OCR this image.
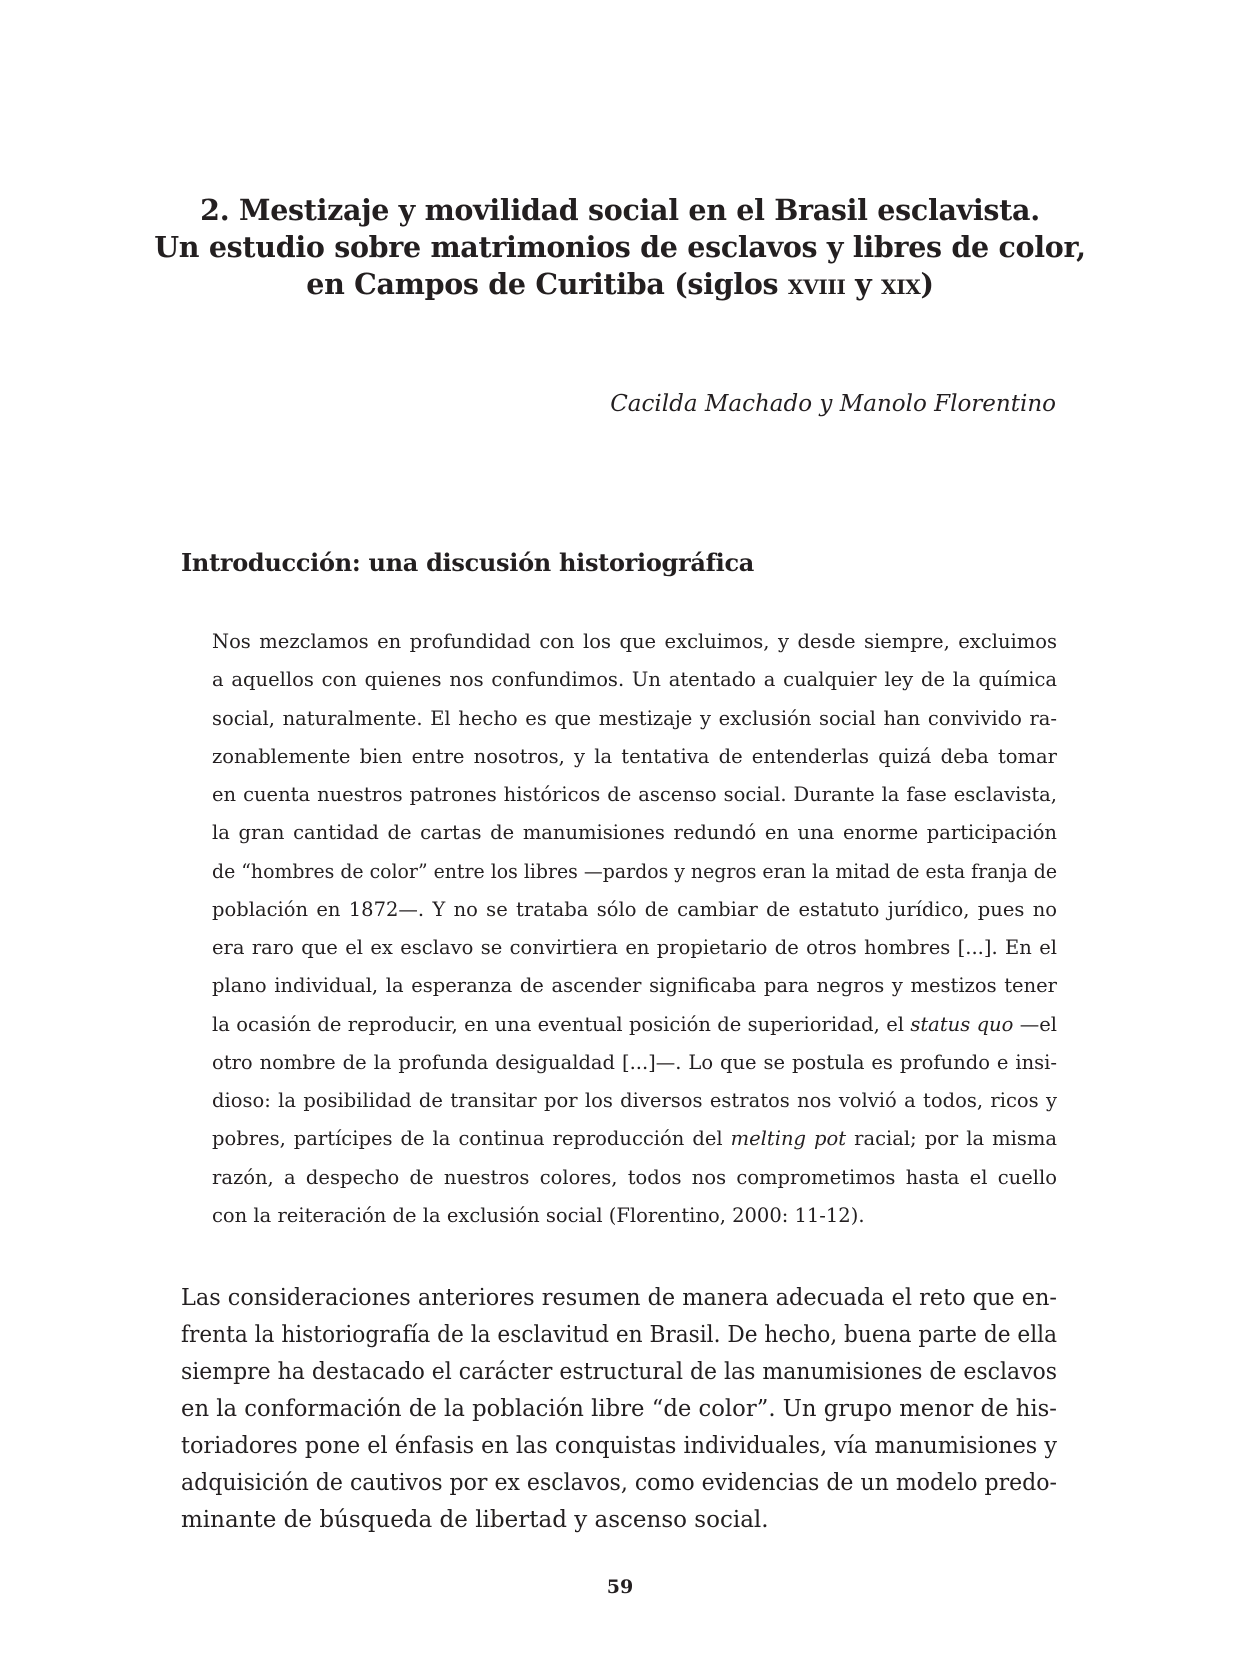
2. Mestizaje y movilidad social en el Brasil esclavista.
Un estudio sobre matrimonios de esclavos y libres de color,
en Campos de Curitiba (siglos xviii y xix)
Cacilda Machado y Manolo Florentino
Introducción: una discusión historiográfica
Nos mezclamos en profundidad con los que excluimos, y desde siempre, excluimos
a aquellos con quienes nos confundimos. Un atentado a cualquier ley de la química
social, naturalmente. El hecho es que mestizaje y exclusión social han convivido ra-
zonablemente bien entre nosotros, y la tentativa de entenderlas quizá deba tomar
en cuenta nuestros patrones históricos de ascenso social. Durante la fase esclavista,
la gran cantidad de cartas de manumisiones redundó en una enorme participación
de “hombres de color” entre los libres —pardos y negros eran la mitad de esta franja de
población en 1872—. Y no se trataba sólo de cambiar de estatuto jurídico, pues no
era raro que el ex esclavo se convirtiera en propietario de otros hombres [...]. En el
plano individual, la esperanza de ascender significaba para negros y mestizos tener
la ocasión de reproducir, en una eventual posición de superioridad, el status quo —el
otro nombre de la profunda desigualdad [...]—. Lo que se postula es profundo e insi-
dioso: la posibilidad de transitar por los diversos estratos nos volvió a todos, ricos y
pobres, partícipes de la continua reproducción del melting pot racial; por la misma
razón, a despecho de nuestros colores, todos nos comprometimos hasta el cuello
con la reiteración de la exclusión social (Florentino, 2000: 11-12).
Las consideraciones anteriores resumen de manera adecuada el reto que en-
frenta la historiografía de la esclavitud en Brasil. De hecho, buena parte de ella
siempre ha destacado el carácter estructural de las manumisiones de esclavos
en la conformación de la población libre “de color”. Un grupo menor de his-
toriadores pone el énfasis en las conquistas individuales, vía manumisiones y
adquisición de cautivos por ex esclavos, como evidencias de un modelo predo-
minante de búsqueda de libertad y ascenso social.
59
